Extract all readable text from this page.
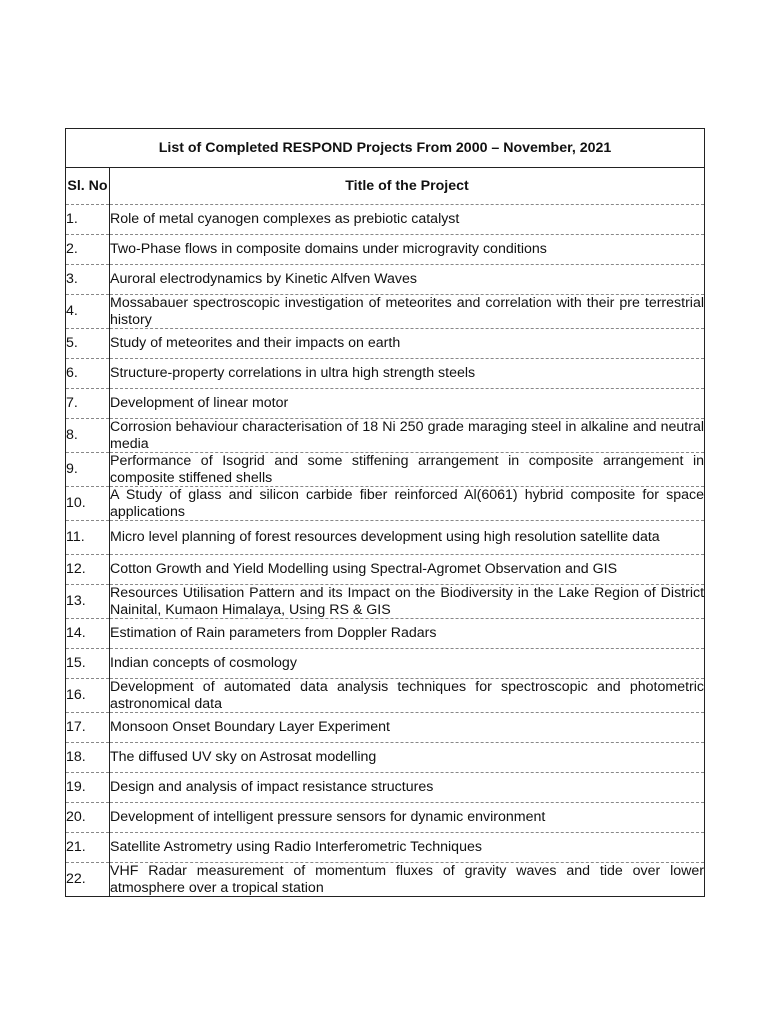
List of Completed RESPOND Projects From 2000 – November, 2021	
Sl. No	Title of the Project
1.	Role of metal cyanogen complexes as prebiotic catalyst
2.	Two-Phase flows in composite domains under microgravity conditions
3.	Auroral electrodynamics by Kinetic Alfven Waves
4.	Mossabauer spectroscopic investigation of meteorites and correlation with their pre terrestrial history
5.	Study of meteorites and their impacts on earth
6.	Structure-property correlations in ultra high strength steels
7.	Development of linear motor
8.	Corrosion behaviour characterisation of 18 Ni 250 grade maraging steel in alkaline and neutral media
9.	Performance of Isogrid and some stiffening arrangement in composite arrangement in composite stiffened shells
10.	A Study of glass and silicon carbide fiber reinforced Al(6061) hybrid composite for space applications
11.	Micro level planning of forest resources development using high resolution satellite data
12.	Cotton Growth and Yield Modelling using Spectral-Agromet Observation and GIS
13.	Resources Utilisation Pattern and its Impact on the Biodiversity in the Lake Region of District Nainital, Kumaon Himalaya, Using RS & GIS
14.	Estimation of Rain parameters from Doppler Radars
15.	Indian concepts of cosmology
16.	Development of automated data analysis techniques for spectroscopic and photometric astronomical data
17.	Monsoon Onset Boundary Layer Experiment
18.	The diffused UV sky on Astrosat modelling
19.	Design and analysis of impact resistance structures
20.	Development of intelligent pressure sensors for dynamic environment
21.	Satellite Astrometry using Radio Interferometric Techniques
22.	VHF Radar measurement of momentum fluxes of gravity waves and tide over lower atmosphere over a tropical station
